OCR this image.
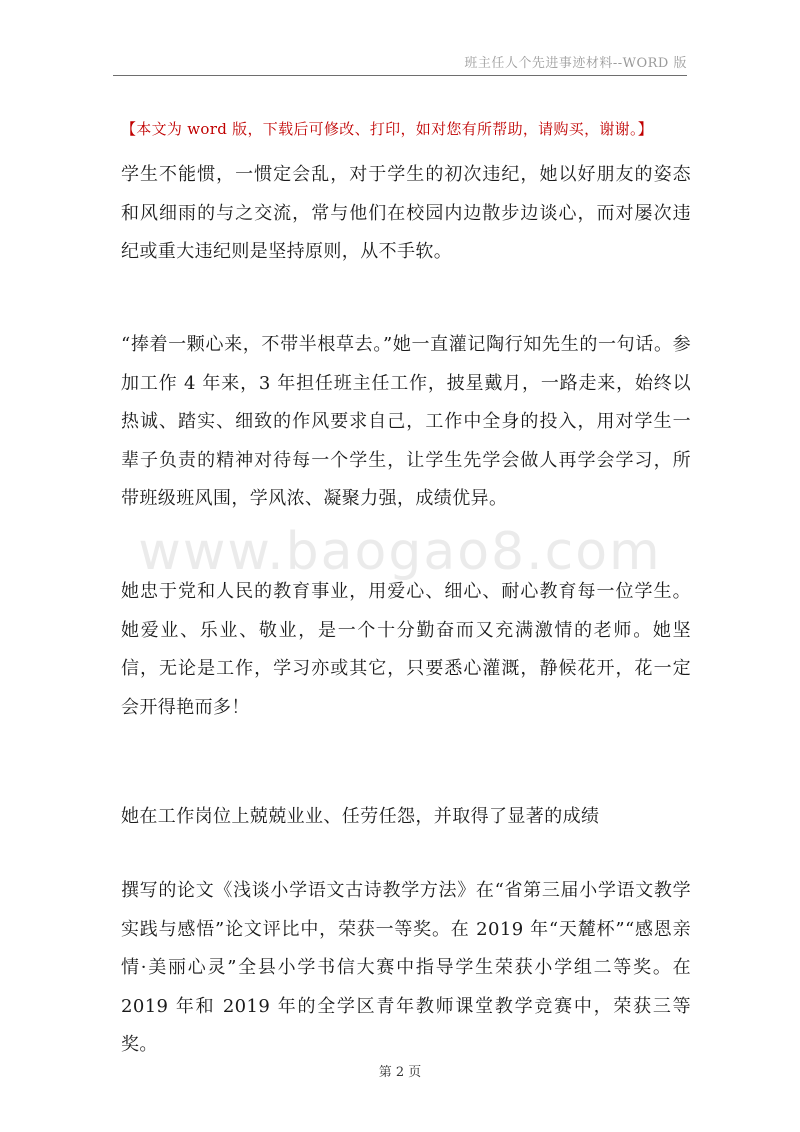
班主任人个先进事迹材料--WORD 版
【本文为 word 版，下载后可修改、打印，如对您有所帮助，请购买，谢谢。】
www.baogao8.com

学生不能惯，一惯定会乱，对于学生的初次违纪，她以好朋友的姿态和风细雨的与之交流，常与他们在校园内边散步边谈心，而对屡次违纪或重大违纪则是坚持原则，从不手软。

“捧着一颗心来，不带半根草去。”她一直灌记陶行知先生的一句话。参加工作 4 年来，3 年担任班主任工作，披星戴月，一路走来，始终以热诚、踏实、细致的作风要求自己，工作中全身的投入，用对学生一辈子负责的精神对待每一个学生，让学生先学会做人再学会学习，所带班级班风围，学风浓、凝聚力强，成绩优异。

她忠于党和人民的教育事业，用爱心、细心、耐心教育每一位学生。她爱业、乐业、敬业，是一个十分勤奋而又充满激情的老师。她坚信，无论是工作，学习亦或其它，只要悉心灌溉，静候花开，花一定会开得艳而多！

她在工作岗位上兢兢业业、任劳任怨，并取得了显著的成绩

撰写的论文《浅谈小学语文古诗教学方法》在“省第三届小学语文教学实践与感悟”论文评比中，荣获一等奖。在 2019 年“天麓杯”“感恩亲情·美丽心灵”全县小学书信大赛中指导学生荣获小学组二等奖。在 2019 年和 2019 年的全学区青年教师课堂教学竞赛中，荣获三等奖。

第 2 页
